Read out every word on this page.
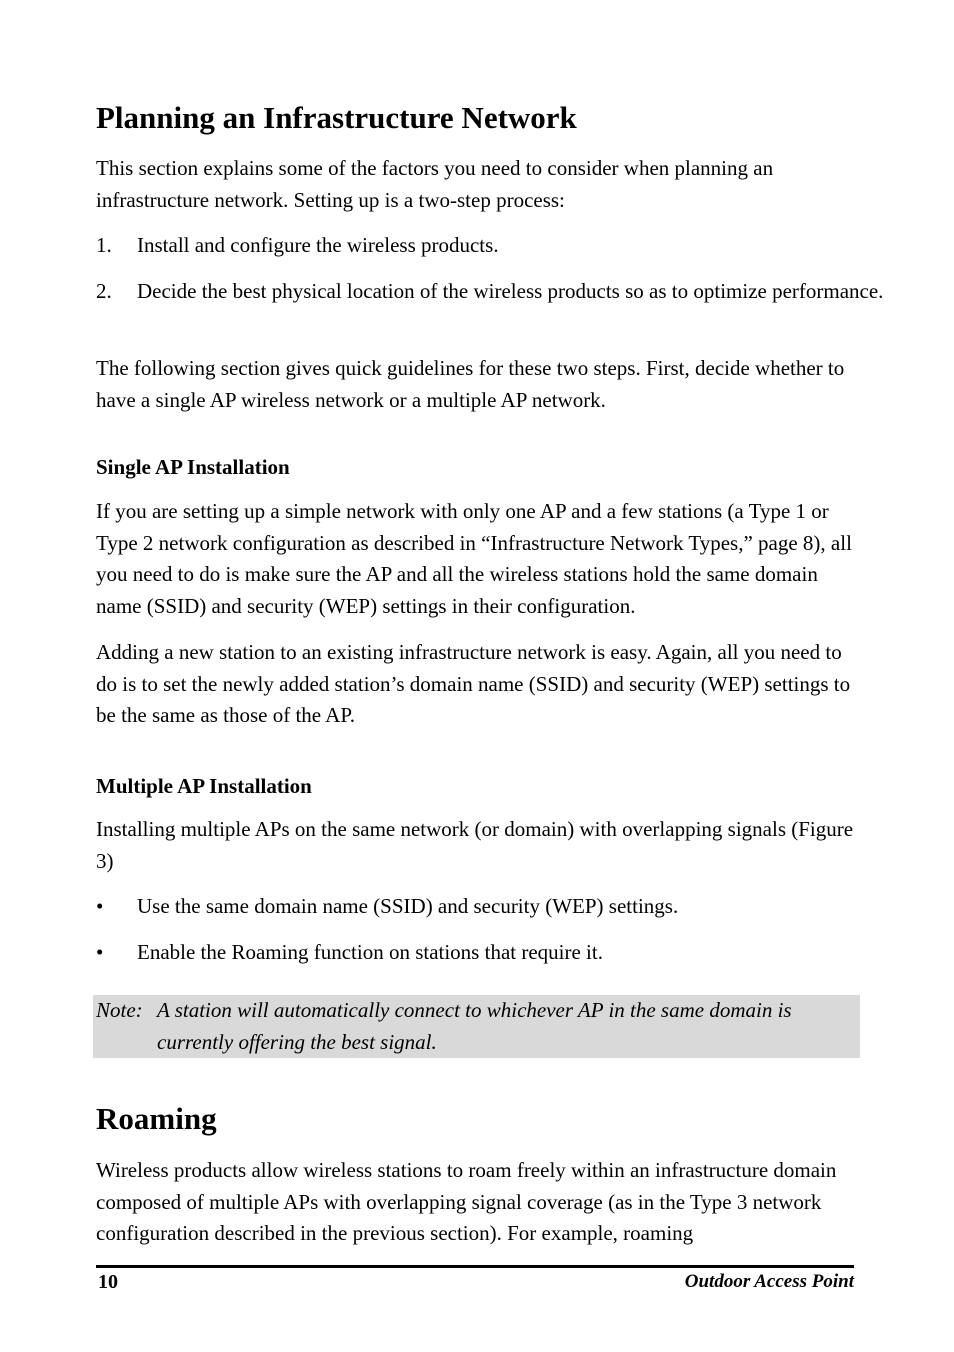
Planning an Infrastructure Network

This section explains some of the factors you need to consider when planning an infrastructure network. Setting up is a two-step process:

1. Install and configure the wireless products.
2. Decide the best physical location of the wireless products so as to optimize performance.

The following section gives quick guidelines for these two steps. First, decide whether to have a single AP wireless network or a multiple AP network.

Single AP Installation

If you are setting up a simple network with only one AP and a few stations (a Type 1 or Type 2 network configuration as described in “Infrastructure Network Types,” page 8), all you need to do is make sure the AP and all the wireless stations hold the same domain name (SSID) and security (WEP) settings in their configuration.

Adding a new station to an existing infrastructure network is easy. Again, all you need to do is to set the newly added station’s domain name (SSID) and security (WEP) settings to be the same as those of the AP.

Multiple AP Installation

Installing multiple APs on the same network (or domain) with overlapping signals (Figure 3)

• Use the same domain name (SSID) and security (WEP) settings.
• Enable the Roaming function on stations that require it.
Note: A station will automatically connect to whichever AP in the same domain is currently offering the best signal.
Roaming

Wireless products allow wireless stations to roam freely within an infrastructure domain composed of multiple APs with overlapping signal coverage (as in the Type 3 network configuration described in the previous section). For example, roaming

10	Outdoor Access Point
